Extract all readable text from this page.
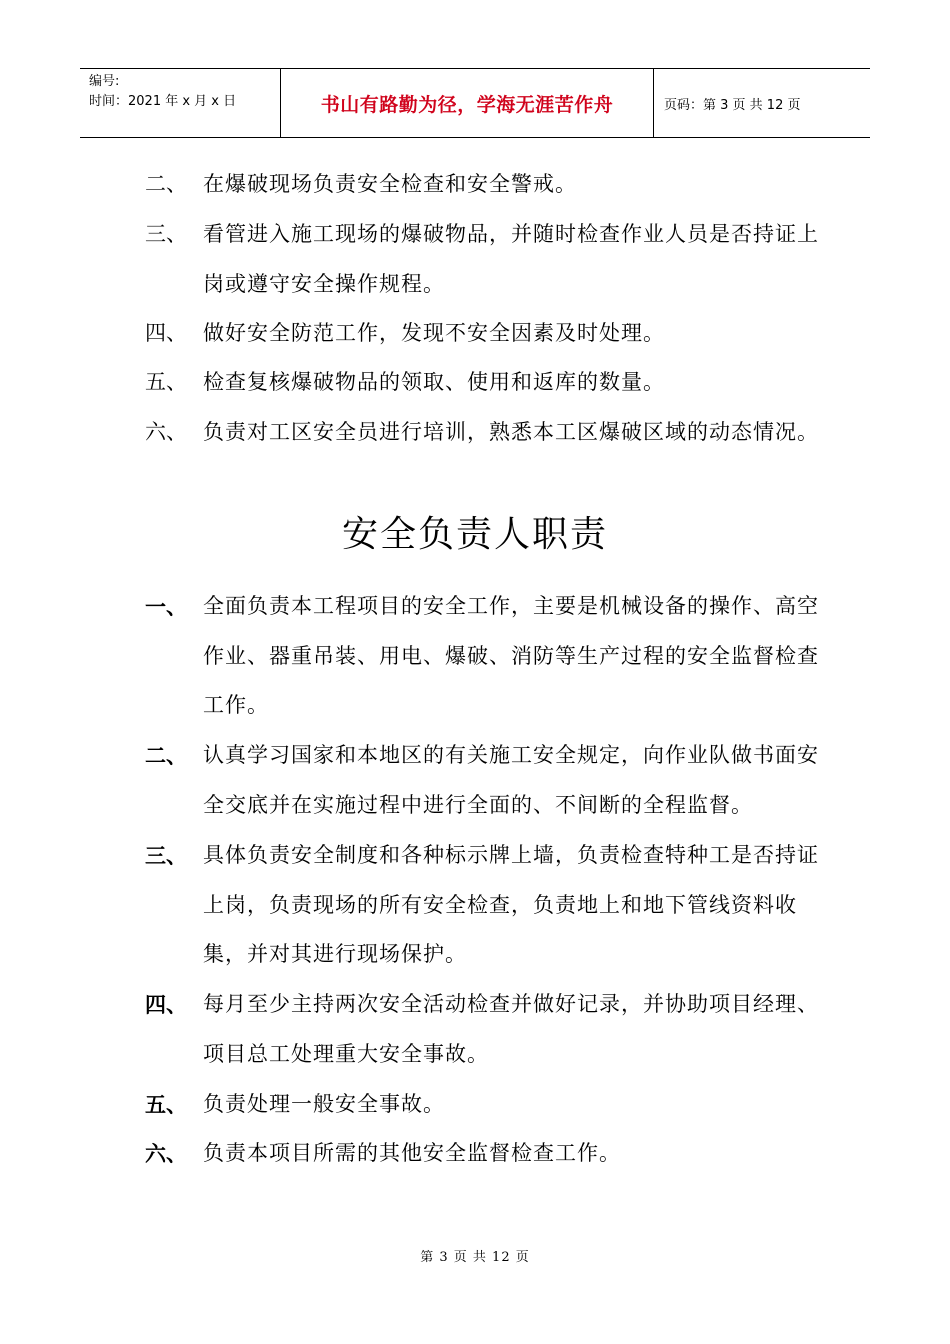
编号:
时间：2021 年 x 月 x 日	书山有路勤为径，学海无涯苦作舟	页码：第 3 页 共 12 页
二、 在爆破现场负责安全检查和安全警戒。
三、 看管进入施工现场的爆破物品，并随时检查作业人员是否持证上岗或遵守安全操作规程。
四、 做好安全防范工作，发现不安全因素及时处理。
五、 检查复核爆破物品的领取、使用和返库的数量。
六、 负责对工区安全员进行培训，熟悉本工区爆破区域的动态情况。
安全负责人职责
一、 全面负责本工程项目的安全工作，主要是机械设备的操作、高空作业、器重吊装、用电、爆破、消防等生产过程的安全监督检查工作。
二、 认真学习国家和本地区的有关施工安全规定，向作业队做书面安全交底并在实施过程中进行全面的、不间断的全程监督。
三、 具体负责安全制度和各种标示牌上墙，负责检查特种工是否持证上岗，负责现场的所有安全检查，负责地上和地下管线资料收集，并对其进行现场保护。
四、 每月至少主持两次安全活动检查并做好记录，并协助项目经理、项目总工处理重大安全事故。
五、 负责处理一般安全事故。
六、 负责本项目所需的其他安全监督检查工作。
第 3 页 共 12 页
